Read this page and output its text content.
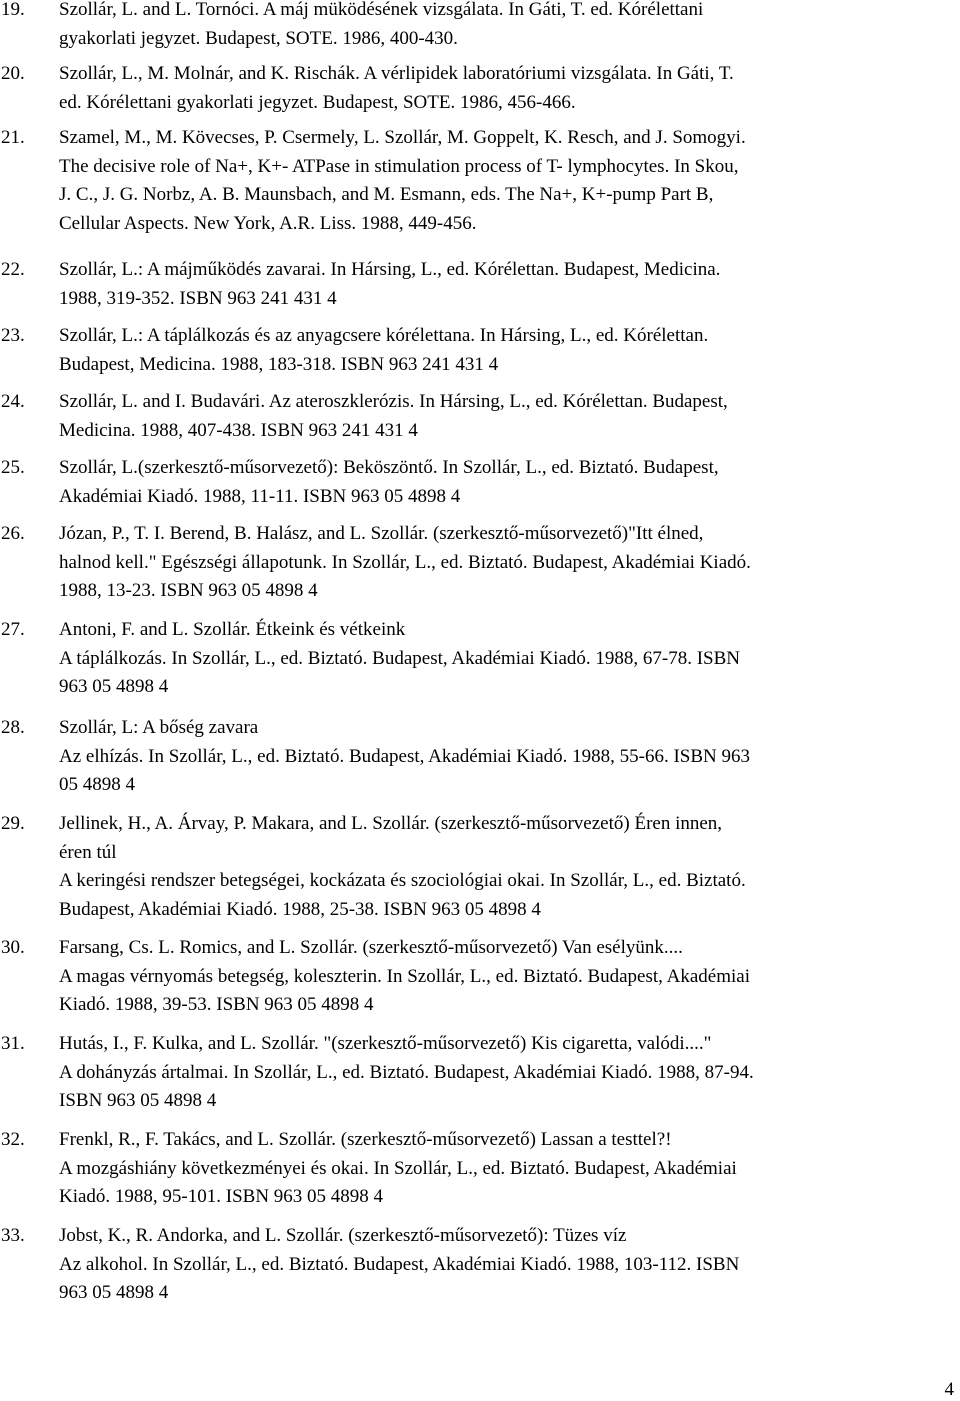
19. Szollár, L. and L. Tornóci. A máj müködésének vizsgálata. In Gáti, T. ed. Kórélettani
gyakorlati jegyzet. Budapest, SOTE. 1986, 400-430.
20. Szollár, L., M. Molnár, and K. Rischák. A vérlipidek laboratóriumi vizsgálata. In Gáti, T.
ed. Kórélettani gyakorlati jegyzet. Budapest, SOTE. 1986, 456-466.
21. Szamel, M., M. Kövecses, P. Csermely, L. Szollár, M. Goppelt, K. Resch, and J. Somogyi.
The decisive role of Na+, K+- ATPase in stimulation process of T- lymphocytes. In Skou,
J. C., J. G. Norbz, A. B. Maunsbach, and M. Esmann, eds. The Na+, K+-pump Part B,
Cellular Aspects. New York, A.R. Liss. 1988, 449-456.
22. Szollár, L.: A májműködés zavarai. In Hársing, L., ed. Kórélettan. Budapest, Medicina.
1988, 319-352. ISBN 963 241 431 4
23. Szollár, L.: A táplálkozás és az anyagcsere kórélettana. In Hársing, L., ed. Kórélettan.
Budapest, Medicina. 1988, 183-318. ISBN 963 241 431 4
24. Szollár, L. and I. Budavári. Az ateroszklerózis. In Hársing, L., ed. Kórélettan. Budapest,
Medicina. 1988, 407-438. ISBN 963 241 431 4
25. Szollár, L.(szerkesztő-műsorvezető): Beköszöntő. In Szollár, L., ed. Biztató. Budapest,
Akadémiai Kiadó. 1988, 11-11. ISBN 963 05 4898 4
26. Józan, P., T. I. Berend, B. Halász, and L. Szollár. (szerkesztő-műsorvezető)"Itt élned,
halnod kell." Egészségi állapotunk. In Szollár, L., ed. Biztató. Budapest, Akadémiai Kiadó.
1988, 13-23. ISBN 963 05 4898 4
27. Antoni, F. and L. Szollár. Étkeink és vétkeink
A táplálkozás. In Szollár, L., ed. Biztató. Budapest, Akadémiai Kiadó. 1988, 67-78. ISBN
963 05 4898 4
28. Szollár, L: A bőség zavara
Az elhízás. In Szollár, L., ed. Biztató. Budapest, Akadémiai Kiadó. 1988, 55-66. ISBN 963
05 4898 4
29. Jellinek, H., A. Árvay, P. Makara, and L. Szollár. (szerkesztő-műsorvezető) Éren innen,
éren túl
A keringési rendszer betegségei, kockázata és szociológiai okai. In Szollár, L., ed. Biztató.
Budapest, Akadémiai Kiadó. 1988, 25-38. ISBN 963 05 4898 4
30. Farsang, Cs. L. Romics, and L. Szollár. (szerkesztő-műsorvezető) Van esélyünk....
A magas vérnyomás betegség, koleszterin. In Szollár, L., ed. Biztató. Budapest, Akadémiai
Kiadó. 1988, 39-53. ISBN 963 05 4898 4
31. Hutás, I., F. Kulka, and L. Szollár. "(szerkesztő-műsorvezető) Kis cigaretta, valódi...."
A dohányzás ártalmai. In Szollár, L., ed. Biztató. Budapest, Akadémiai Kiadó. 1988, 87-94.
ISBN 963 05 4898 4
32. Frenkl, R., F. Takács, and L. Szollár. (szerkesztő-műsorvezető) Lassan a testtel?!
A mozgáshiány következményei és okai. In Szollár, L., ed. Biztató. Budapest, Akadémiai
Kiadó. 1988, 95-101. ISBN 963 05 4898 4
33. Jobst, K., R. Andorka, and L. Szollár. (szerkesztő-műsorvezető): Tüzes víz
Az alkohol. In Szollár, L., ed. Biztató. Budapest, Akadémiai Kiadó. 1988, 103-112. ISBN
963 05 4898 4
4
